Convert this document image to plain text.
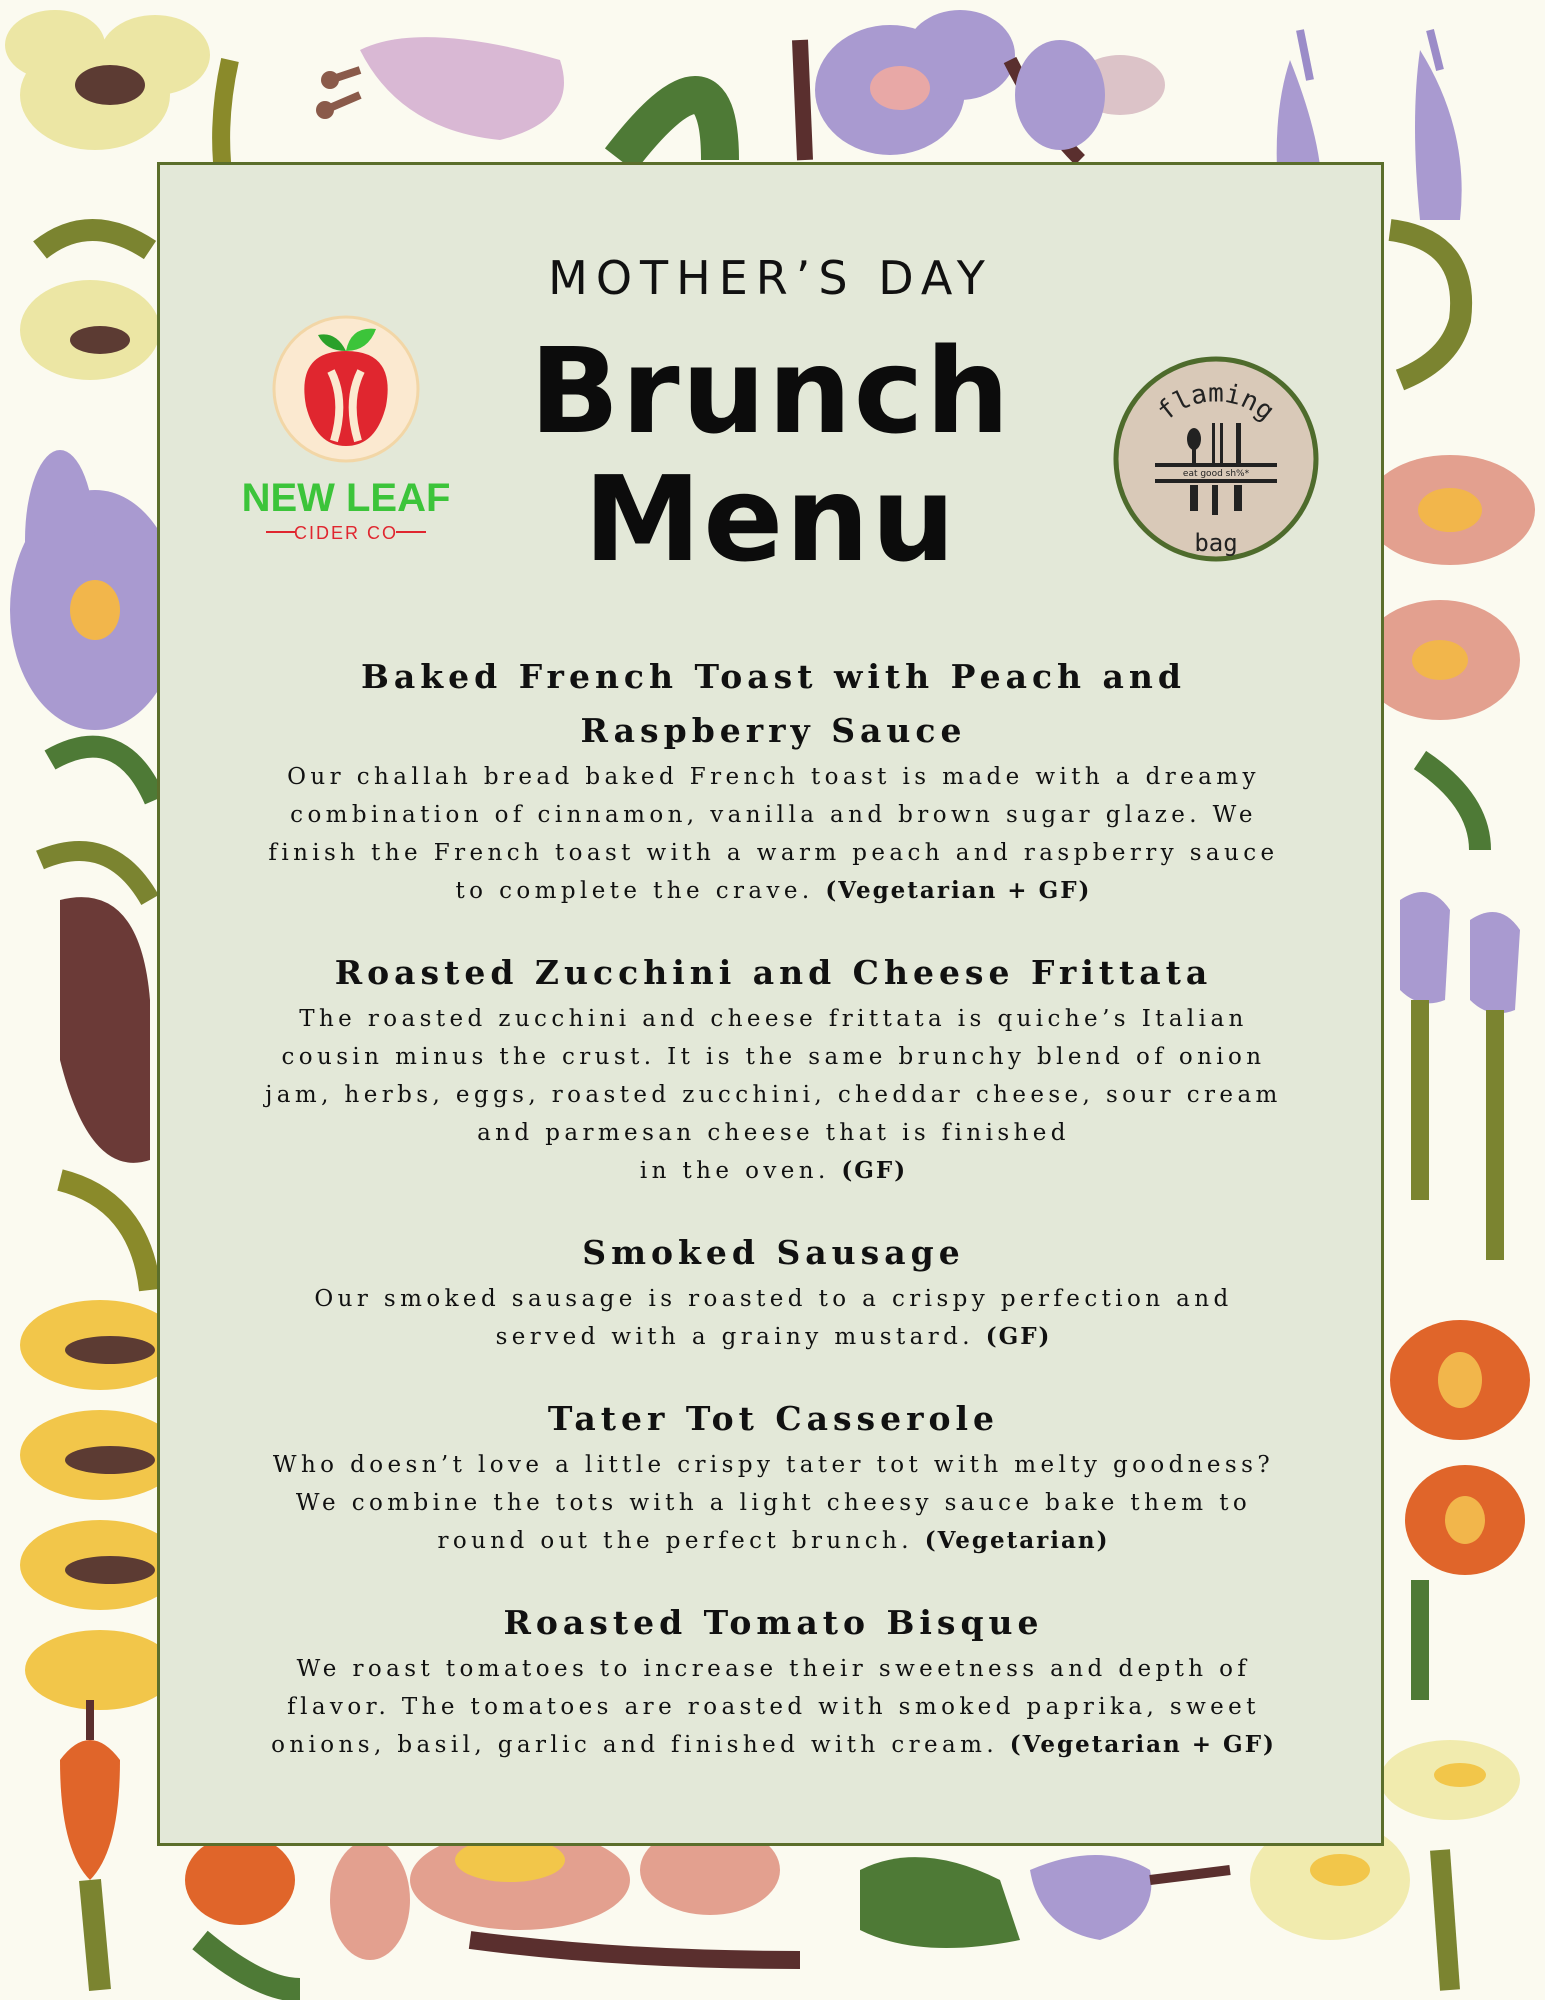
MOTHER’S DAY
Brunch
Menu
NEW LEAF
CIDER CO
flaming
eat good sh%*
bag

Baked French Toast with Peach and Raspberry Sauce

Our challah bread baked French toast is made with a dreamy
combination of cinnamon, vanilla and brown sugar glaze. We
finish the French toast with a warm peach and raspberry sauce
to complete the crave. (Vegetarian + GF)

Roasted Zucchini and Cheese Frittata

The roasted zucchini and cheese frittata is quiche’s Italian
cousin minus the crust. It is the same brunchy blend of onion
jam, herbs, eggs, roasted zucchini, cheddar cheese, sour cream
and parmesan cheese that is finished
in the oven. (GF)

Smoked Sausage

Our smoked sausage is roasted to a crispy perfection and
served with a grainy mustard. (GF)

Tater Tot Casserole

Who doesn’t love a little crispy tater tot with melty goodness?
We combine the tots with a light cheesy sauce bake them to
round out the perfect brunch. (Vegetarian)

Roasted Tomato Bisque

We roast tomatoes to increase their sweetness and depth of
flavor. The tomatoes are roasted with smoked paprika, sweet
onions, basil, garlic and finished with cream. (Vegetarian + GF)
